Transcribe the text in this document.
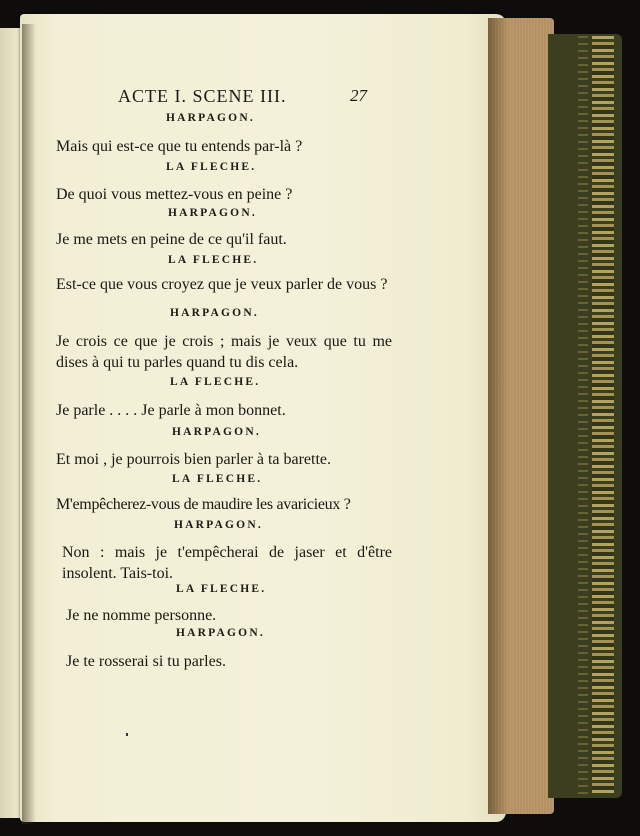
ACTE I. SCENE III.	27
HARPAGON.
Mais qui est-ce que tu entends par-là ?
LA FLECHE.
De quoi vous mettez-vous en peine ?
HARPAGON.
Je me mets en peine de ce qu'il faut.
LA FLECHE.
Est-ce que vous croyez que je veux parler de vous ?
HARPAGON.
Je crois ce que je crois ; mais je veux que tu me dises à qui tu parles quand tu dis cela.
LA FLECHE.
Je parle . . . . Je parle à mon bonnet.
HARPAGON.
Et moi , je pourrois bien parler à ta barette.
LA FLECHE.
M'empêcherez-vous de maudire les avaricieux ?
HARPAGON.
Non : mais je t'empêcherai de jaser et d'être insolent. Tais-toi.
LA FLECHE.
Je ne nomme personne.
HARPAGON.
Je te rosserai si tu parles.
